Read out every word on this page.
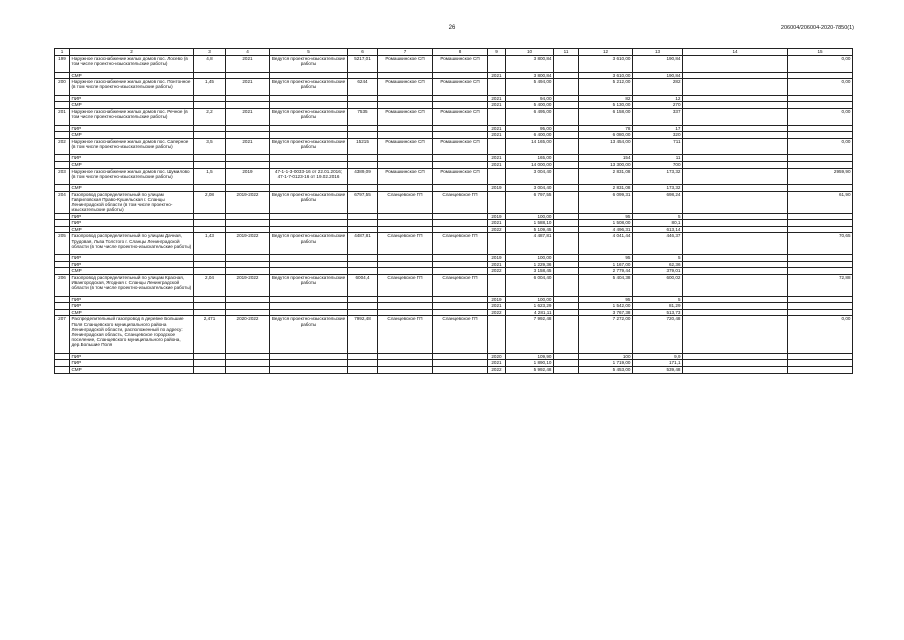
26	206004/206004-2020-7850(1)
1	2	3	4	5	6	7	8	9	10	11	12	13	14	15
199	Наружное газоснабжение жилых домов пос. Лосево (в том числе проектно-изыскательские работы)	4,8	2021	Ведутся проектно-изыскательские работы	5217,01	Ромашкинское СП	Ромашкинское СП		3 800,84		3 610,00	190,84		0,00
	СМР							2021	3 800,84		3 610,00	190,84		
200	Наружное газоснабжение жилых домов пос. Понтонное (в том числе проектно-изыскательские работы)	1,45	2021	Ведутся проектно-изыскательские работы	6244	Ромашкинское СП	Ромашкинское СП		5 494,00		5 212,00	282		0,00
	ПИР							2021	94,00		82	12		
	СМР							2021	5 400,00		5 130,00	270		
201	Наружное газоснабжение жилых домов пос. Речное (в том числе проектно-изыскательские работы)	2,2	2021	Ведутся проектно-изыскательские работы	7535	Ромашкинское СП	Ромашкинское СП		6 495,00		6 158,00	337		0,00
	ПИР							2021	95,00		78	17		
	СМР							2021	6 400,00		6 080,00	320		
202	Наружное газоснабжение жилых домов пос. Саперное (в том числе проектно-изыскательские работы)	3,5	2021	Ведутся проектно-изыскательские работы	15215	Ромашкинское СП	Ромашкинское СП		14 165,00		13 454,00	711		0,00
	ПИР							2021	165,00		154	11		
	СМР							2021	14 000,00		13 300,00	700		
203	Наружное газоснабжение жилых домов пос. Шумилово (в том числе проектно-изыскательские работы)	1,5	2019	47-1-1-3-0033-16 от 22.01.2016; 47-1-7-0123-16 от 19.02.2016	4389,09	Ромашкинское СП	Ромашкинское СП		3 004,40		2 831,08	173,32		2959,90
	СМР							2019	3 004,40		2 831,08	173,32		
204	Газопровод распределительный по улицам Гавриловская Право-Кушельская г. Сланцы Ленинградской области (в том числе проектно-изыскательские работы)	2,08	2019-2022	Ведутся проектно-изыскательские работы	6797,55	Сланцевское ГП	Сланцевское ГП		6 797,55		6 099,31	698,24		61,90
	ПИР							2019	100,00		95	5		
	ПИР							2021	1 588,10		1 508,00	80,1		
	СМР							2022	5 109,45		4 496,31	613,14		
205	Газопровод распределительный по улицам Дачная, Трудовая, Льва Толстого г. Сланцы Ленинградской области (в том числе проектно-изыскательские работы)	1,43	2019-2022	Ведутся проектно-изыскательские работы	4487,81	Сланцевское ГП	Сланцевское ГП		4 487,81		4 041,44	446,37		70,65
	ПИР							2019	100,00		95	5		
	ПИР							2021	1 229,36		1 167,00	62,36		
	СМР							2022	3 158,45		2 779,44	379,01		
206	Газопровод распределительный по улицам Красная, Ивангородская, Ягодная г. Сланцы Ленинградской области (в том числе проектно-изыскательские работы)	2,04	2019-2022	Ведутся проектно-изыскательские работы	6004,4	Сланцевское ГП	Сланцевское ГП		6 004,40		5 404,38	600,02		72,88
	ПИР							2019	100,00		95	5		
	ПИР							2021	1 623,29		1 542,00	81,29		
	СМР							2022	4 281,11		3 767,38	513,73		
207	Распределительный газопровод в деревне Большие Поля Сланцевского муниципального района Ленинградской области, расположенный по адресу: Ленинградская область, Сланцевское городское поселение, Сланцевского муниципального района, дер.Большие Поля	2,471	2020-2022	Ведутся проектно-изыскательские работы	7992,48	Сланцевское ГП	Сланцевское ГП		7 992,48		7 272,00	720,48		0,00
	ПИР							2020	109,90		100	9,9		
	ПИР							2021	1 890,10		1 719,00	171,1		
	СМР							2022	5 992,48		5 453,00	539,48		
